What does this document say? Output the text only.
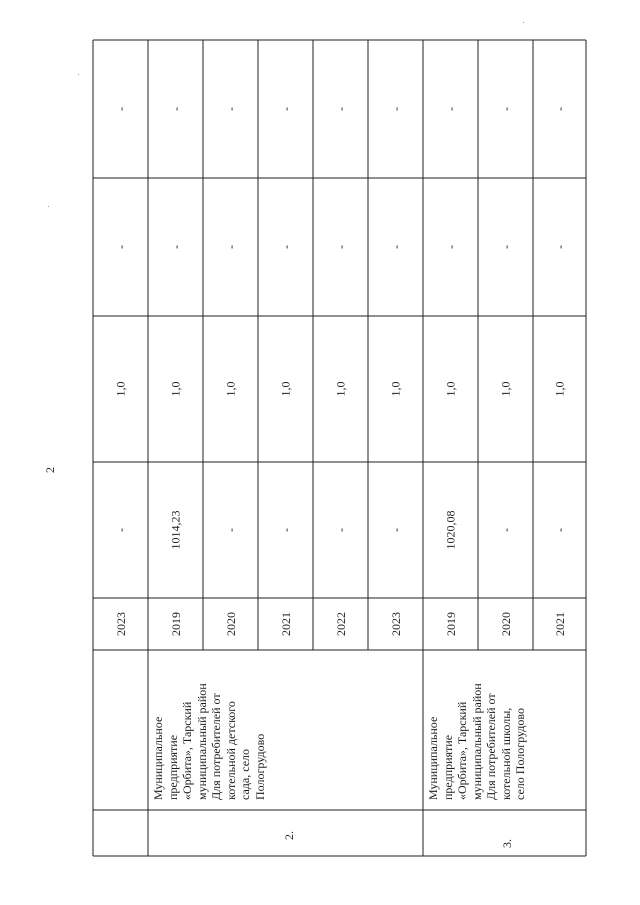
2
2023
-
1,0
-
-
2019
1014,23
1,0
-
-
2020
-
1,0
-
-
2021
-
1,0
-
-
2022
-
1,0
-
-
2023
-
1,0
-
-
2019
1020,08
1,0
-
-
2020
-
1,0
-
-
2021
-
1,0
-
-
Муниципальное
предприятие
«Орбита», Тарский
муниципальный район
Для потребителей от
котельной детского
сада, село
Пологрудово
2.
Муниципальное
предприятие
«Орбита», Тарский
муниципальный район
Для потребителей от
котельной школы,
село Пологрудово
3.
